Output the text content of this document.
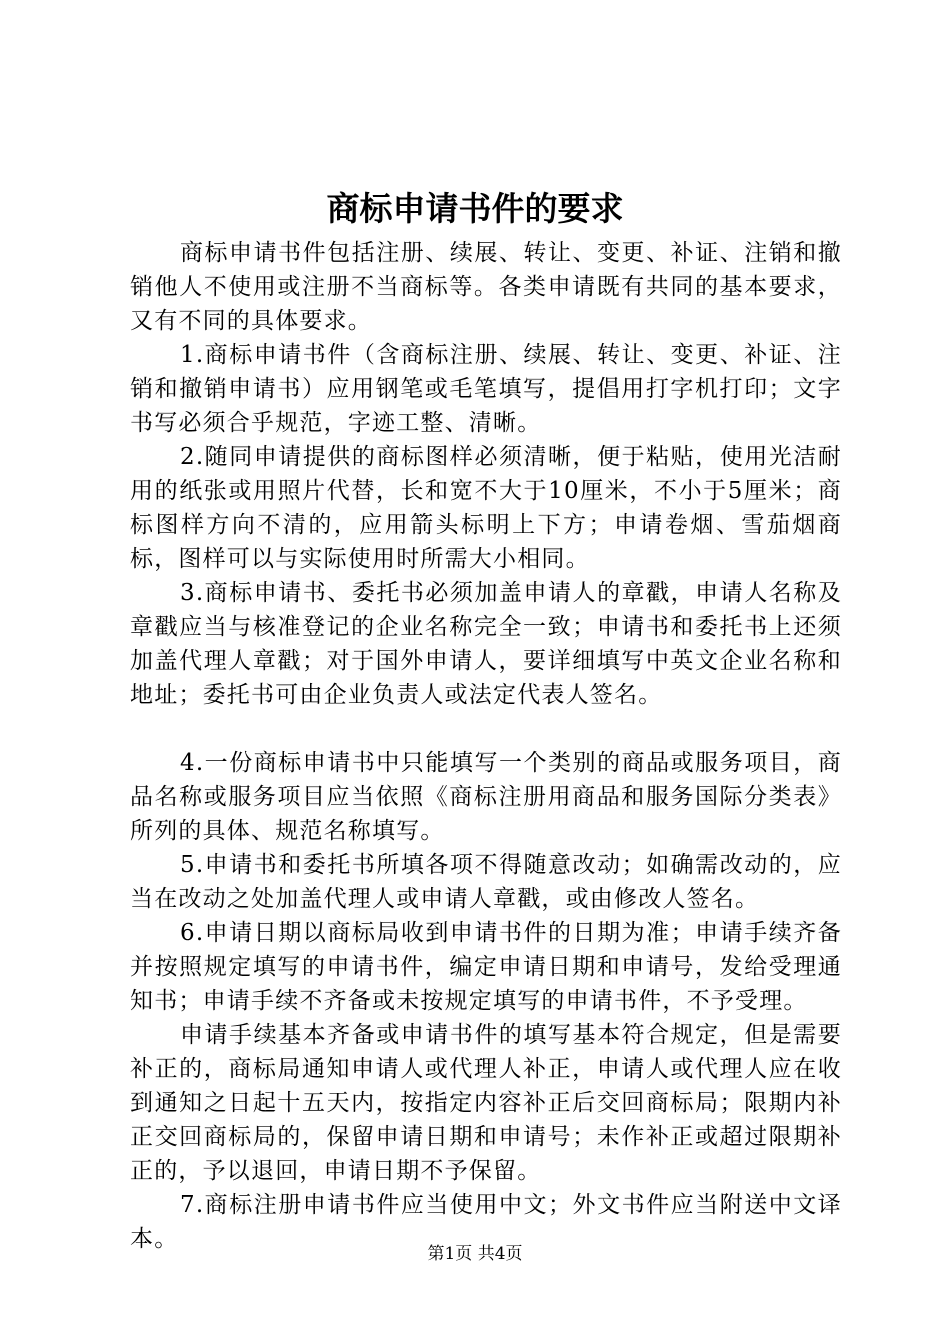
商标申请书件的要求

商标申请书件包括注册、续展、转让、变更、补证、注销和撤销他人不使用或注册不当商标等。各类申请既有共同的基本要求，又有不同的具体要求。

1.商标申请书件（含商标注册、续展、转让、变更、补证、注销和撤销申请书）应用钢笔或毛笔填写，提倡用打字机打印；文字书写必须合乎规范，字迹工整、清晰。

2.随同申请提供的商标图样必须清晰，便于粘贴，使用光洁耐用的纸张或用照片代替，长和宽不大于10厘米，不小于5厘米；商标图样方向不清的，应用箭头标明上下方；申请卷烟、雪茄烟商标，图样可以与实际使用时所需大小相同。

3.商标申请书、委托书必须加盖申请人的章戳，申请人名称及章戳应当与核准登记的企业名称完全一致；申请书和委托书上还须加盖代理人章戳；对于国外申请人，要详细填写中英文企业名称和地址；委托书可由企业负责人或法定代表人签名。

4.一份商标申请书中只能填写一个类别的商品或服务项目，商品名称或服务项目应当依照《商标注册用商品和服务国际分类表》所列的具体、规范名称填写。

5.申请书和委托书所填各项不得随意改动；如确需改动的，应当在改动之处加盖代理人或申请人章戳，或由修改人签名。

6.申请日期以商标局收到申请书件的日期为准；申请手续齐备并按照规定填写的申请书件，编定申请日期和申请号，发给受理通知书；申请手续不齐备或未按规定填写的申请书件，不予受理。

申请手续基本齐备或申请书件的填写基本符合规定，但是需要补正的，商标局通知申请人或代理人补正，申请人或代理人应在收到通知之日起十五天内，按指定内容补正后交回商标局；限期内补正交回商标局的，保留申请日期和申请号；未作补正或超过限期补正的，予以退回，申请日期不予保留。

7.商标注册申请书件应当使用中文；外文书件应当附送中文译本。

第1页 共4页
